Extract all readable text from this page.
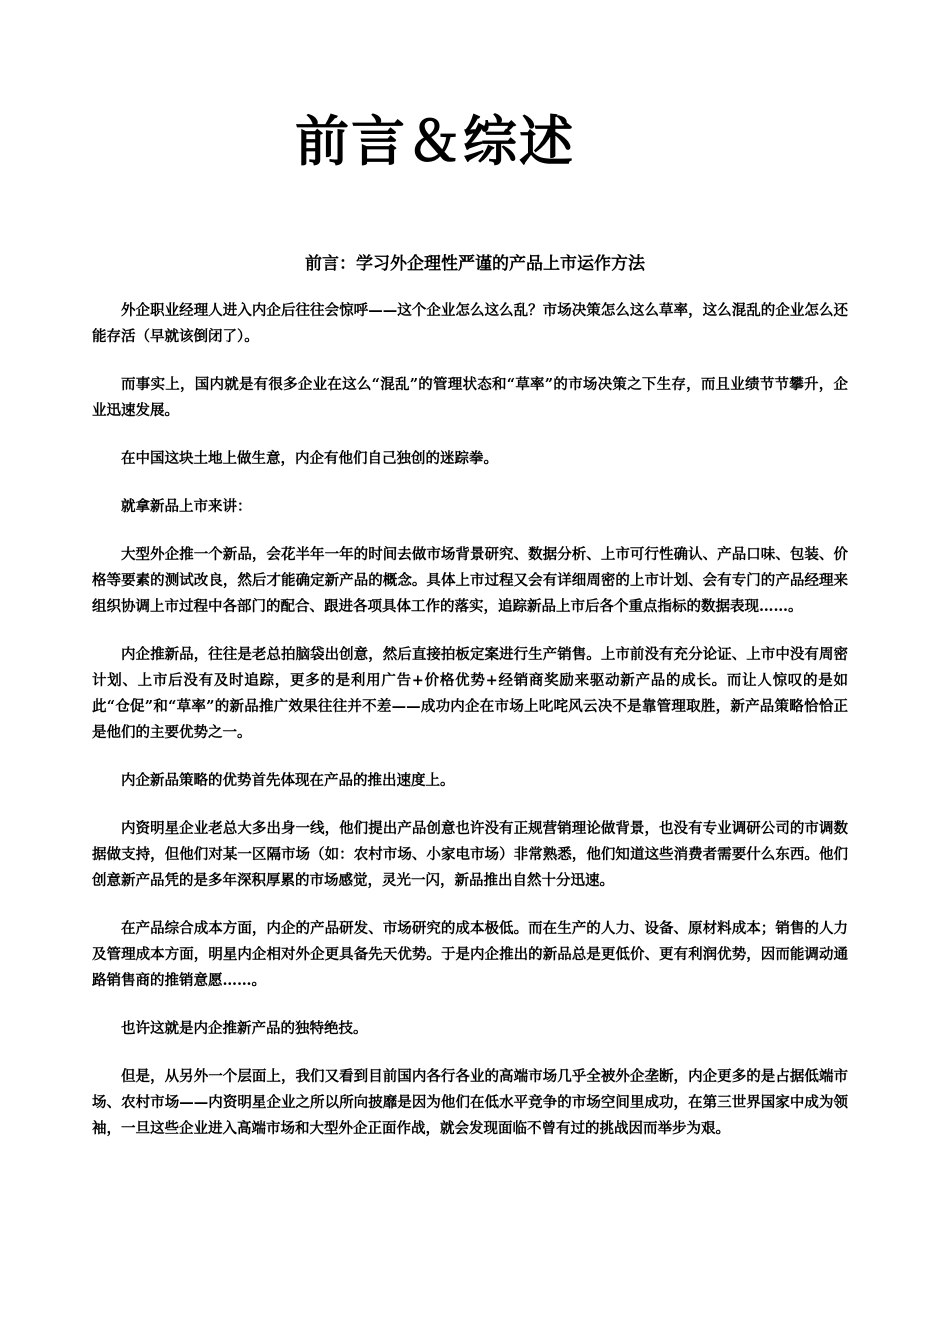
前言＆综述
前言：学习外企理性严谨的产品上市运作方法

外企职业经理人进入内企后往往会惊呼——这个企业怎么这么乱？市场决策怎么这么草率，这么混乱的企业怎么还能存活（早就该倒闭了）。

而事实上，国内就是有很多企业在这么“混乱”的管理状态和“草率”的市场决策之下生存，而且业绩节节攀升，企业迅速发展。

在中国这块土地上做生意，内企有他们自己独创的迷踪拳。

就拿新品上市来讲：

大型外企推一个新品，会花半年一年的时间去做市场背景研究、数据分析、上市可行性确认、产品口味、包装、价格等要素的测试改良，然后才能确定新产品的概念。具体上市过程又会有详细周密的上市计划、会有专门的产品经理来组织协调上市过程中各部门的配合、跟进各项具体工作的落实，追踪新品上市后各个重点指标的数据表现……。

内企推新品，往往是老总拍脑袋出创意，然后直接拍板定案进行生产销售。上市前没有充分论证、上市中没有周密计划、上市后没有及时追踪，更多的是利用广告+价格优势+经销商奖励来驱动新产品的成长。而让人惊叹的是如此“仓促”和“草率”的新品推广效果往往并不差——成功内企在市场上叱咤风云决不是靠管理取胜，新产品策略恰恰正是他们的主要优势之一。

内企新品策略的优势首先体现在产品的推出速度上。

内资明星企业老总大多出身一线，他们提出产品创意也许没有正规营销理论做背景，也没有专业调研公司的市调数据做支持，但他们对某一区隔市场（如：农村市场、小家电市场）非常熟悉，他们知道这些消费者需要什么东西。他们创意新产品凭的是多年深积厚累的市场感觉，灵光一闪，新品推出自然十分迅速。

在产品综合成本方面，内企的产品研发、市场研究的成本极低。而在生产的人力、设备、原材料成本；销售的人力及管理成本方面，明星内企相对外企更具备先天优势。于是内企推出的新品总是更低价、更有利润优势，因而能调动通路销售商的推销意愿……。

也许这就是内企推新产品的独特绝技。

但是，从另外一个层面上，我们又看到目前国内各行各业的高端市场几乎全被外企垄断，内企更多的是占据低端市场、农村市场——内资明星企业之所以所向披靡是因为他们在低水平竞争的市场空间里成功，在第三世界国家中成为领袖，一旦这些企业进入高端市场和大型外企正面作战，就会发现面临不曾有过的挑战因而举步为艰。
